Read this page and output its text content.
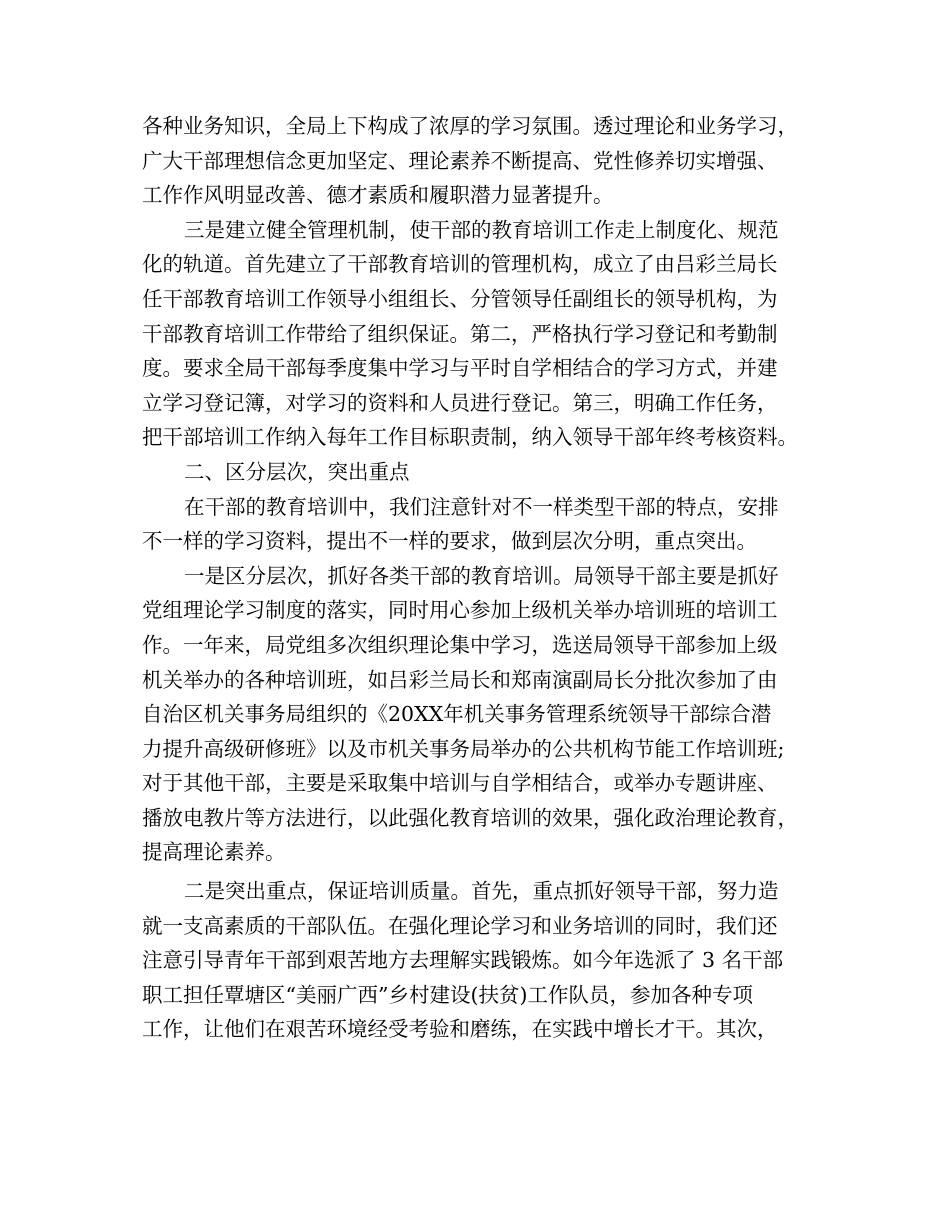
各种业务知识，全局上下构成了浓厚的学习氛围。透过理论和业务学习，
广大干部理想信念更加坚定、理论素养不断提高、党性修养切实增强、
工作作风明显改善、德才素质和履职潜力显著提升。
三是建立健全管理机制，使干部的教育培训工作走上制度化、规范
化的轨道。首先建立了干部教育培训的管理机构，成立了由吕彩兰局长
任干部教育培训工作领导小组组长、分管领导任副组长的领导机构，为
干部教育培训工作带给了组织保证。第二，严格执行学习登记和考勤制
度。要求全局干部每季度集中学习与平时自学相结合的学习方式，并建
立学习登记簿，对学习的资料和人员进行登记。第三，明确工作任务，
把干部培训工作纳入每年工作目标职责制，纳入领导干部年终考核资料。
二、区分层次，突出重点
在干部的教育培训中，我们注意针对不一样类型干部的特点，安排
不一样的学习资料，提出不一样的要求，做到层次分明，重点突出。
一是区分层次，抓好各类干部的教育培训。局领导干部主要是抓好
党组理论学习制度的落实，同时用心参加上级机关举办培训班的培训工
作。一年来，局党组多次组织理论集中学习，选送局领导干部参加上级
机关举办的各种培训班，如吕彩兰局长和郑南演副局长分批次参加了由
自治区机关事务局组织的《20XX年机关事务管理系统领导干部综合潜
力提升高级研修班》以及市机关事务局举办的公共机构节能工作培训班;
对于其他干部，主要是采取集中培训与自学相结合，或举办专题讲座、
播放电教片等方法进行，以此强化教育培训的效果，强化政治理论教育，
提高理论素养。
二是突出重点，保证培训质量。首先，重点抓好领导干部，努力造
就一支高素质的干部队伍。在强化理论学习和业务培训的同时，我们还
注意引导青年干部到艰苦地方去理解实践锻炼。如今年选派了 3 名干部
职工担任覃塘区“美丽广西”乡村建设(扶贫)工作队员，参加各种专项
工作，让他们在艰苦环境经受考验和磨练，在实践中增长才干。其次，
